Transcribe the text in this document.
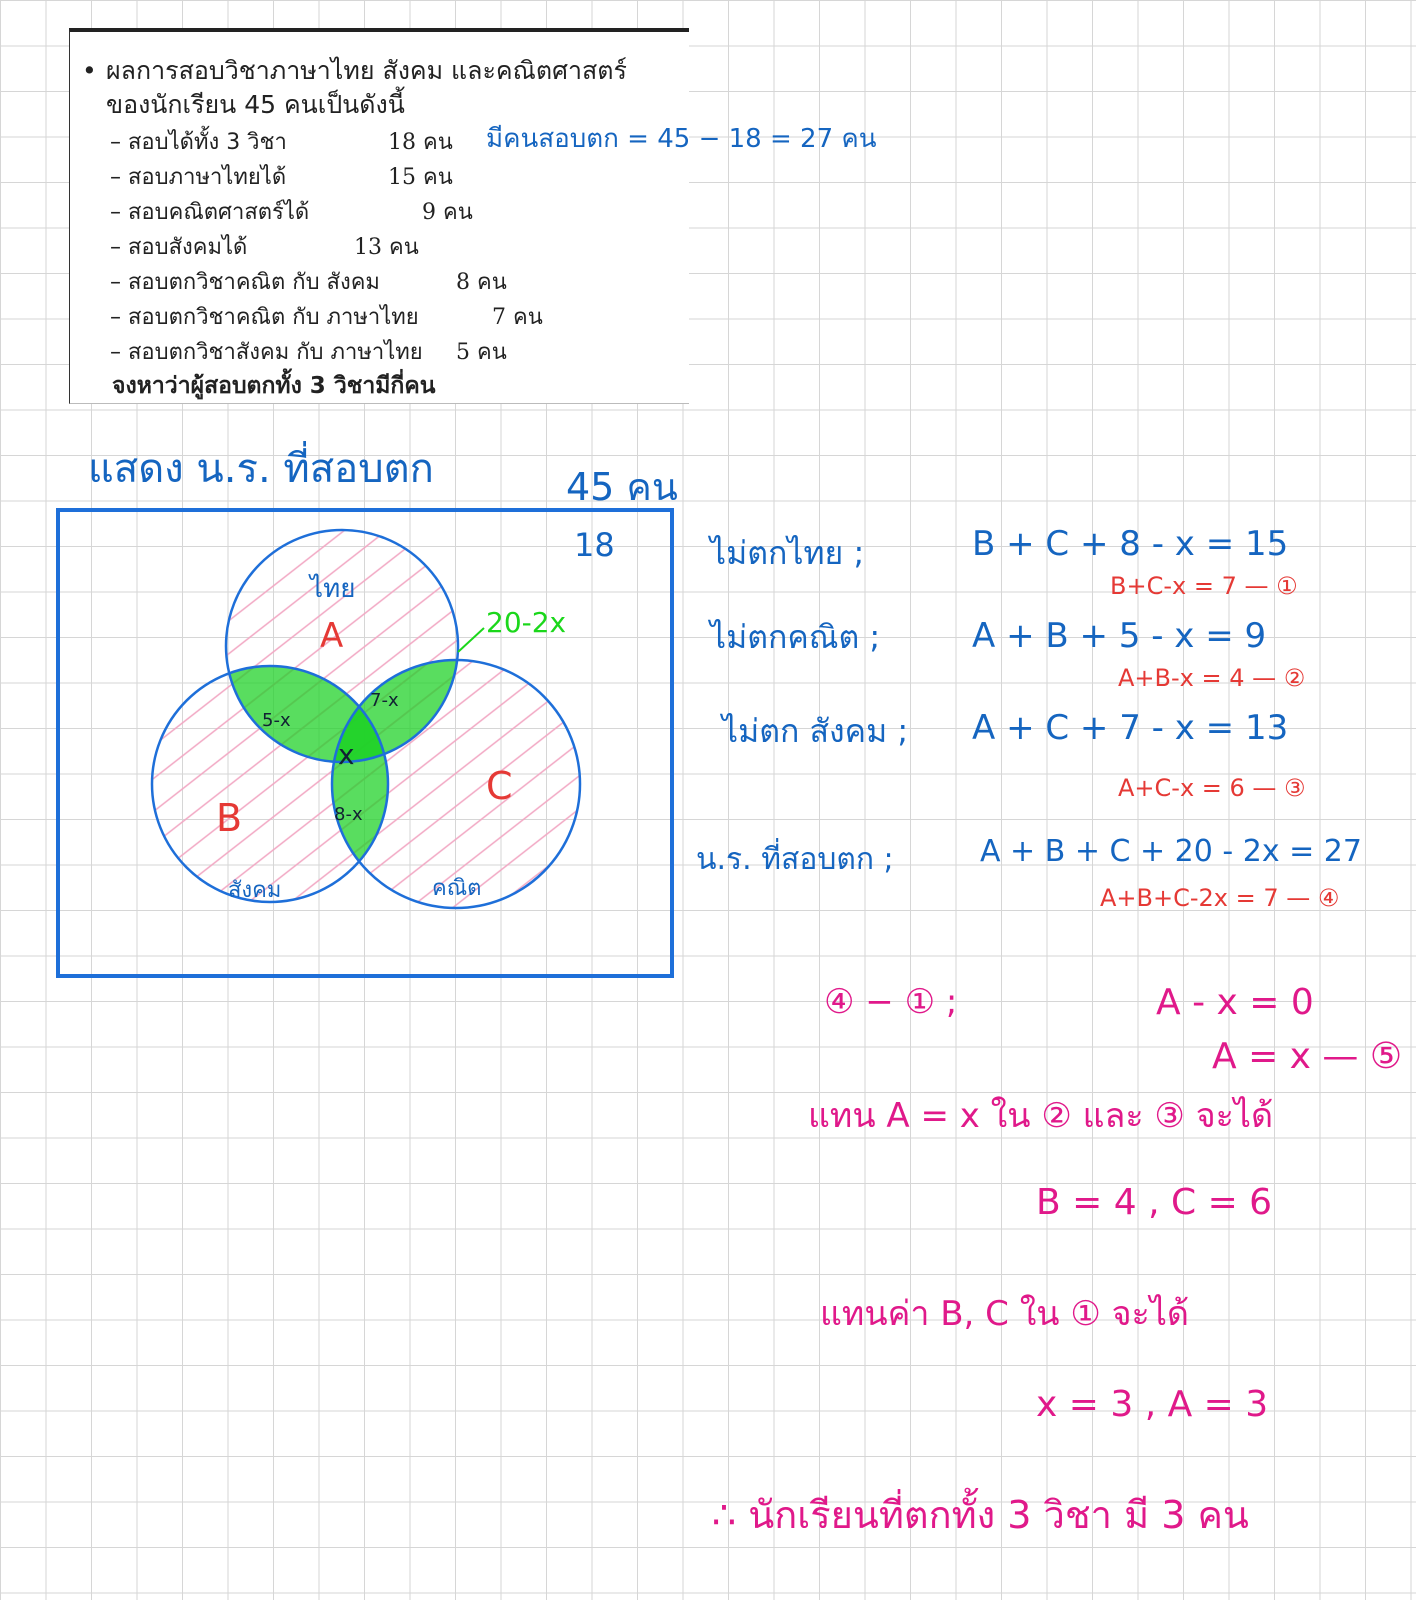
• ผลการสอบวิชาภาษาไทย สังคม และคณิตศาสตร์
ของนักเรียน 45 คนเป็นดังนี้
– สอบได้ทั้ง 3 วิชา	18 คน
– สอบภาษาไทยได้	15 คน
– สอบคณิตศาสตร์ได้	9 คน
– สอบสังคมได้	13 คน
– สอบตกวิชาคณิต กับ สังคม	8 คน
– สอบตกวิชาคณิต กับ ภาษาไทย	7 คน
– สอบตกวิชาสังคม กับ ภาษาไทย 5 คน
จงหาว่าผู้สอบตกทั้ง 3 วิชามีกี่คน
มีคนสอบตก = 45 − 18 = 27 คน
แสดง น.ร. ที่สอบตก	45 คน
18
ไทย
A
B
C
สังคม	คณิต
5-x
7-x
x
8-x
20-2x
ไม่ตกไทย ;	B + C + 8 - x = 15
B+C-x = 7 — ①
ไม่ตกคณิต ;	A + B + 5 - x = 9
A+B-x = 4 — ②
ไม่ตก สังคม ; A + C + 7 - x = 13
A+C-x = 6 — ③
น.ร. ที่สอบตก ;	A + B + C + 20 - 2x = 27
A+B+C-2x = 7 — ④
④ − ① ;	A - x = 0
A = x — ⑤
แทน A = x ใน ② และ ③ จะได้
B = 4 , C = 6
แทนค่า B, C ใน ① จะได้
x = 3 , A = 3
∴ นักเรียนที่ตกทั้ง 3 วิชา มี 3 คน
